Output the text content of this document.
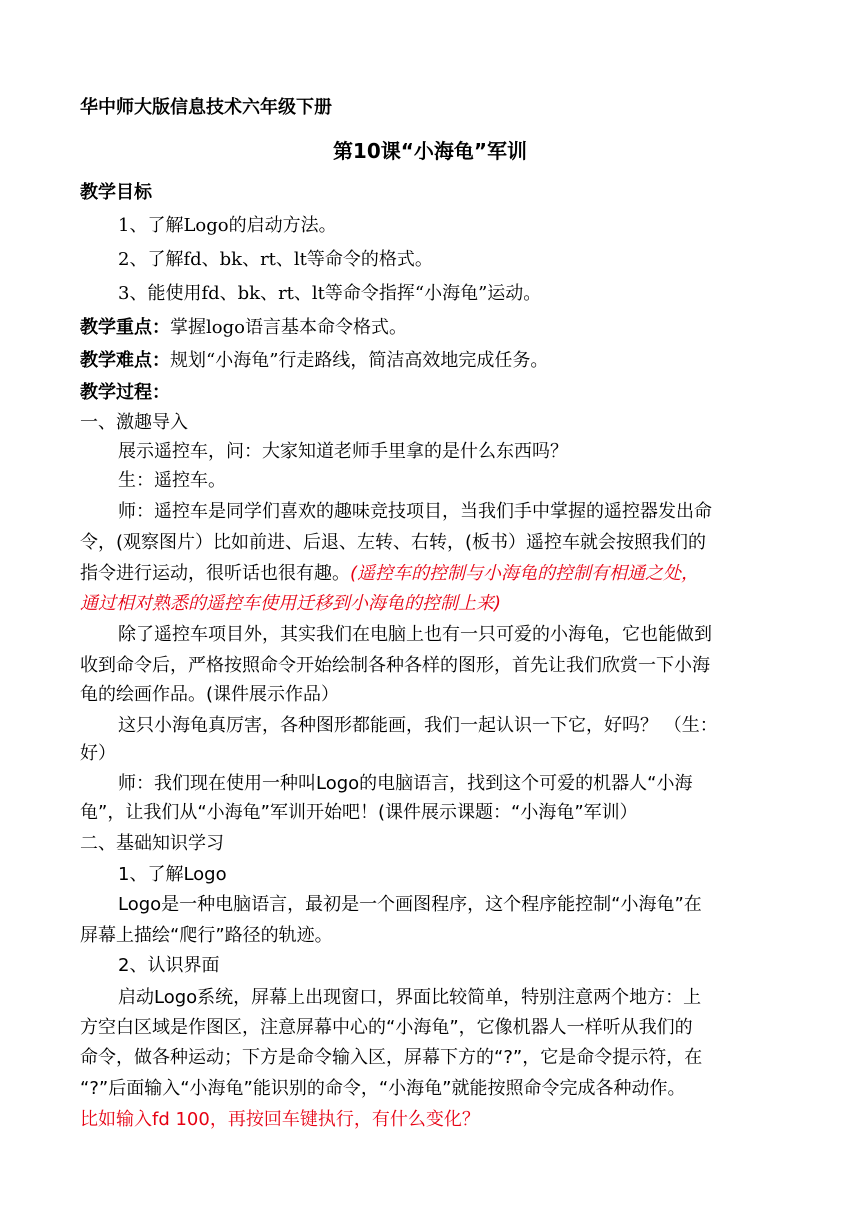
华中师大版信息技术六年级下册
第10课“小海龟”军训
教学目标
1、了解Logo的启动方法。
2、了解fd、bk、rt、lt等命令的格式。
3、能使用fd、bk、rt、lt等命令指挥“小海龟”运动。
教学重点：掌握logo语言基本命令格式。
教学难点：规划“小海龟”行走路线，简洁高效地完成任务。
教学过程：
一、激趣导入
展示遥控车，问：大家知道老师手里拿的是什么东西吗？
生：遥控车。
师：遥控车是同学们喜欢的趣味竞技项目，当我们手中掌握的遥控器发出命
令，(观察图片）比如前进、后退、左转、右转，(板书）遥控车就会按照我们的
指令进行运动，很听话也很有趣。(遥控车的控制与小海龟的控制有相通之处，
通过相对熟悉的遥控车使用迁移到小海龟的控制上来)
除了遥控车项目外，其实我们在电脑上也有一只可爱的小海龟，它也能做到
收到命令后，严格按照命令开始绘制各种各样的图形，首先让我们欣赏一下小海
龟的绘画作品。(课件展示作品）
这只小海龟真厉害，各种图形都能画，我们一起认识一下它，好吗？ （生：
好）
师：我们现在使用一种叫Logo的电脑语言，找到这个可爱的机器人“小海
龟”，让我们从“小海龟”军训开始吧！(课件展示课题：“小海龟”军训）
二、基础知识学习
1、了解Logo
Logo是一种电脑语言，最初是一个画图程序，这个程序能控制“小海龟”在
屏幕上描绘“爬行”路径的轨迹。
2、认识界面
启动Logo系统，屏幕上出现窗口，界面比较简单，特别注意两个地方：上
方空白区域是作图区，注意屏幕中心的“小海龟”，它像机器人一样听从我们的
命令，做各种运动；下方是命令输入区，屏幕下方的“?”，它是命令提示符，在
“?”后面输入“小海龟”能识别的命令，“小海龟”就能按照命令完成各种动作。
比如输入fd 100，再按回车键执行，有什么变化？
